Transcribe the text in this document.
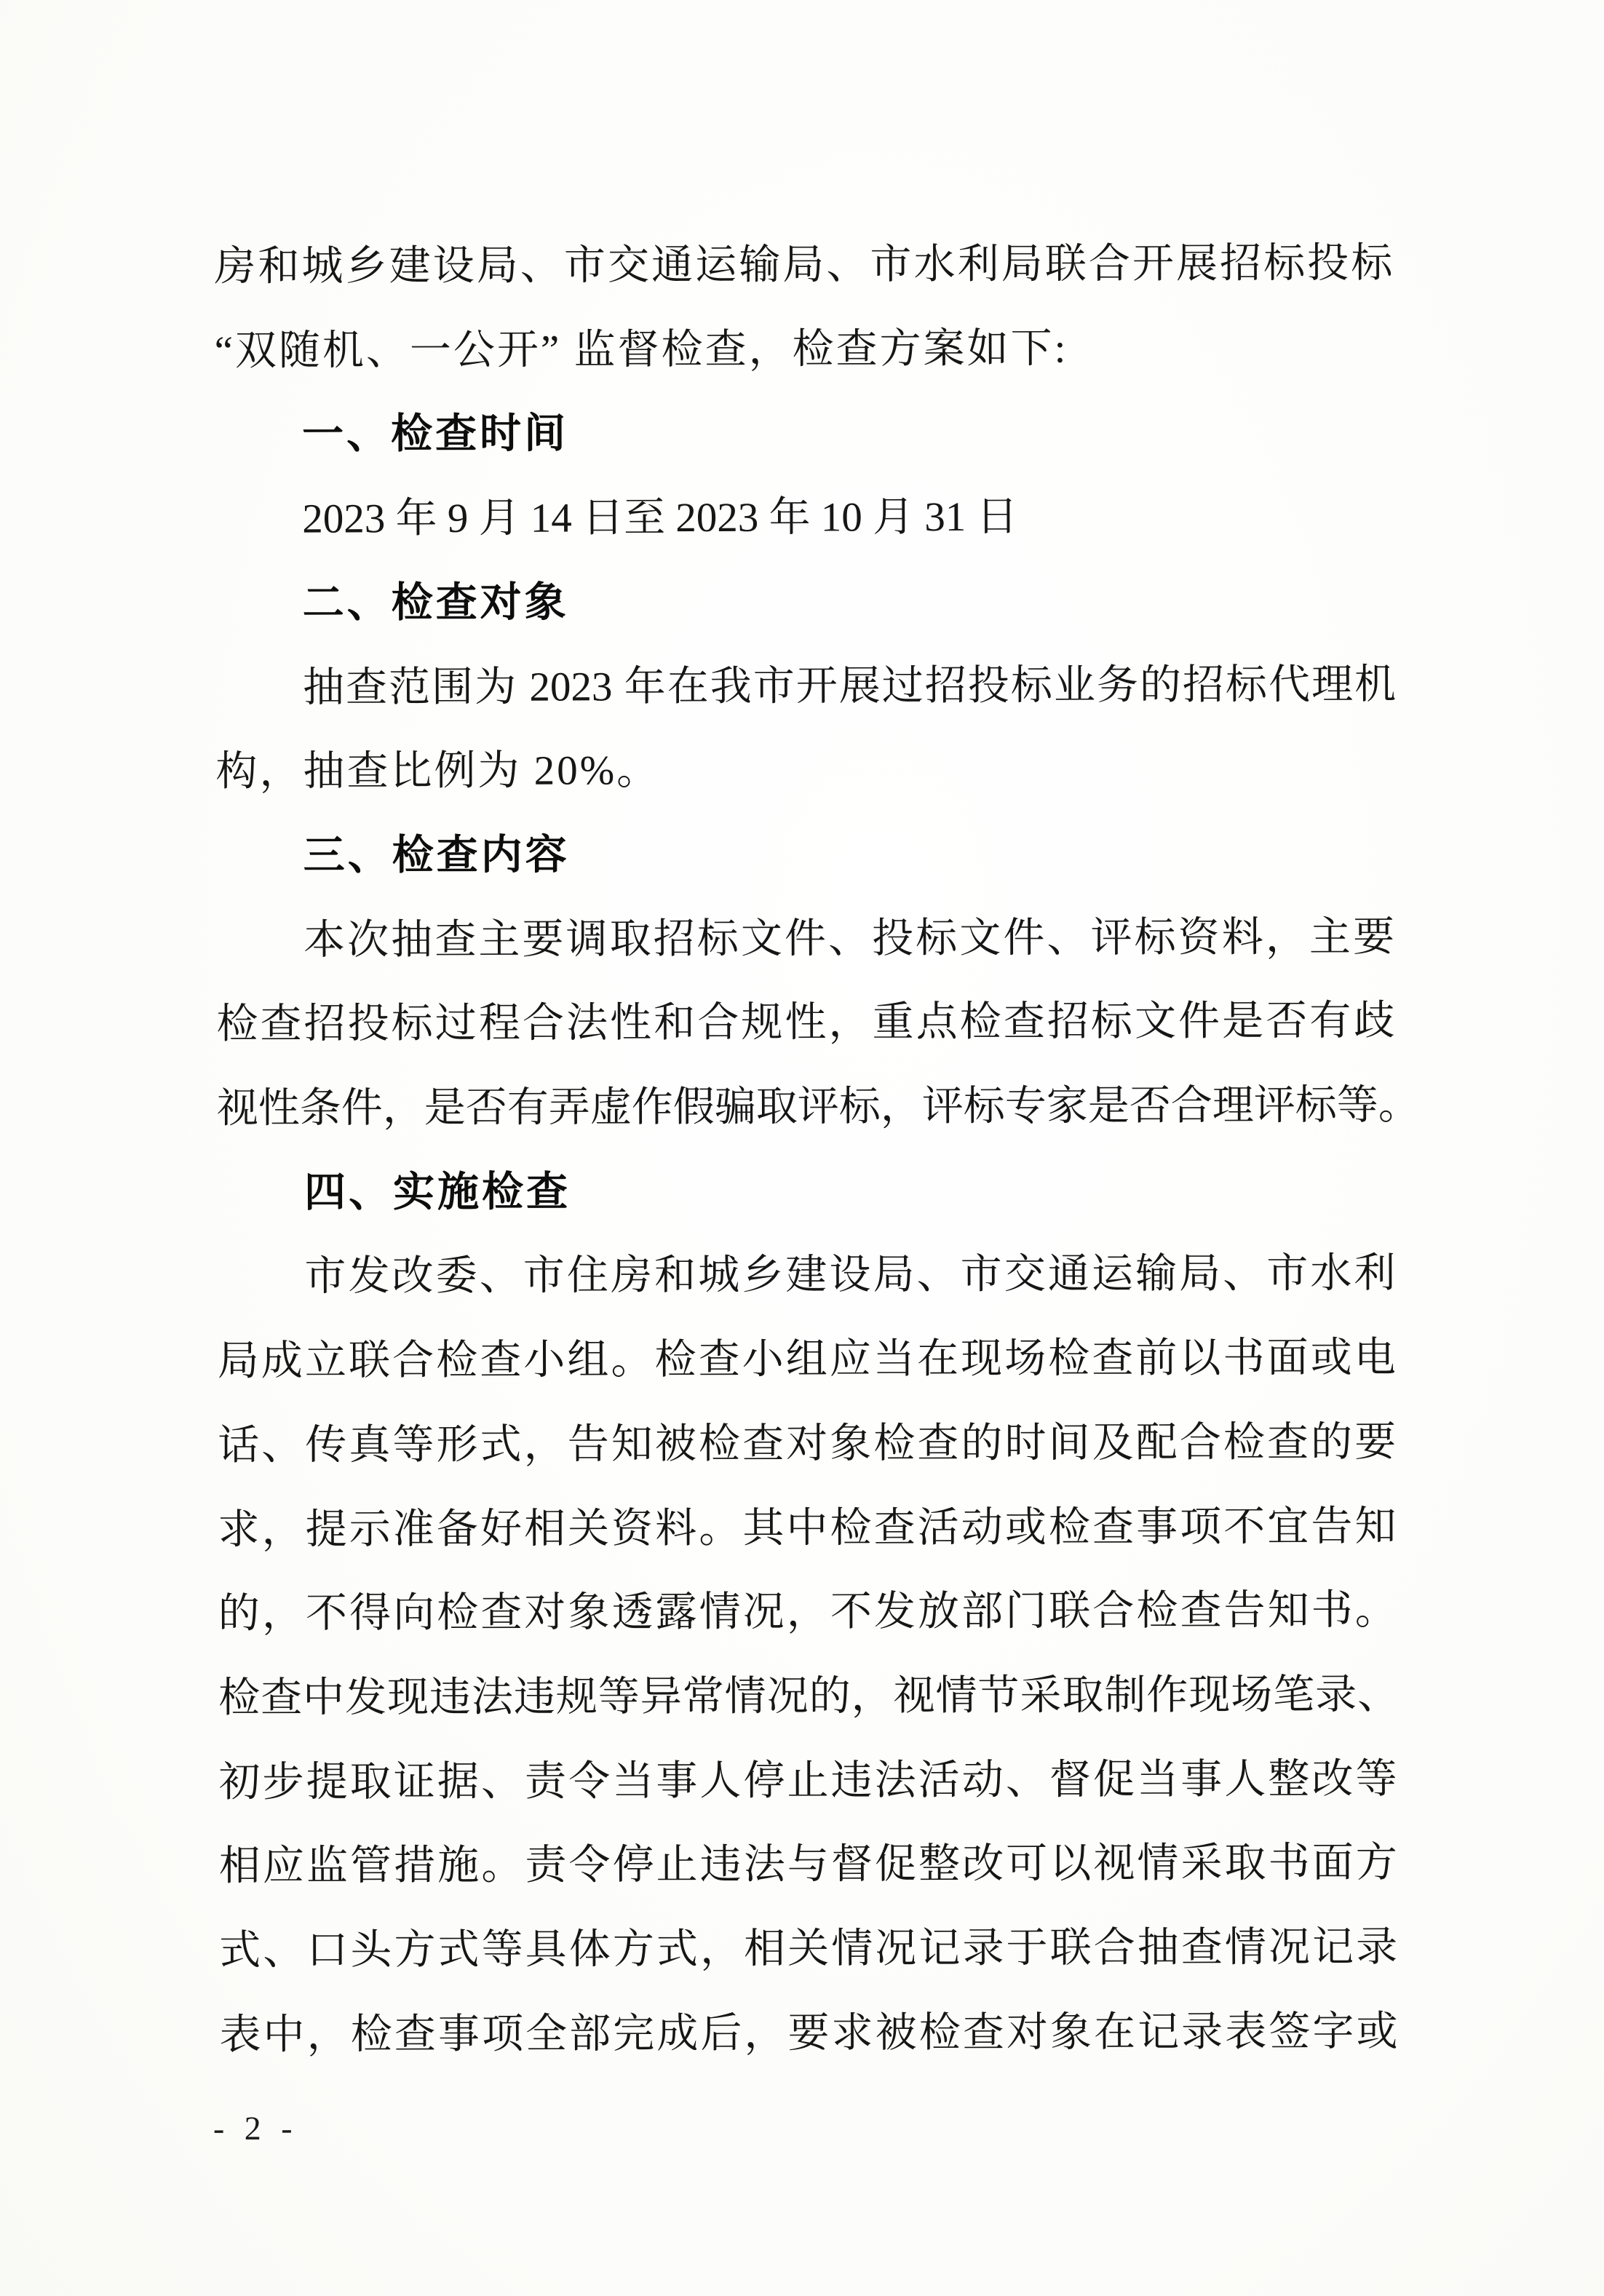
房和城乡建设局、市交通运输局、市水利局联合开展招标投标
“双随机、一公开” 监督检查，检查方案如下:
一、检查时间
2023 年 9 月 14 日至 2023 年 10 月 31 日
二、检查对象
抽查范围为 2023 年在我市开展过招投标业务的招标代理机
构，抽查比例为 20%。
三、检查内容
本次抽查主要调取招标文件、投标文件、评标资料，主要
检查招投标过程合法性和合规性，重点检查招标文件是否有歧
视性条件，是否有弄虚作假骗取评标，评标专家是否合理评标等。
四、实施检查
市发改委、市住房和城乡建设局、市交通运输局、市水利
局成立联合检查小组。检查小组应当在现场检查前以书面或电
话、传真等形式，告知被检查对象检查的时间及配合检查的要
求，提示准备好相关资料。其中检查活动或检查事项不宜告知
的，不得向检查对象透露情况，不发放部门联合检查告知书。
检查中发现违法违规等异常情况的，视情节采取制作现场笔录、
初步提取证据、责令当事人停止违法活动、督促当事人整改等
相应监管措施。责令停止违法与督促整改可以视情采取书面方
式、口头方式等具体方式，相关情况记录于联合抽查情况记录
表中，检查事项全部完成后，要求被检查对象在记录表签字或
- 2 -
